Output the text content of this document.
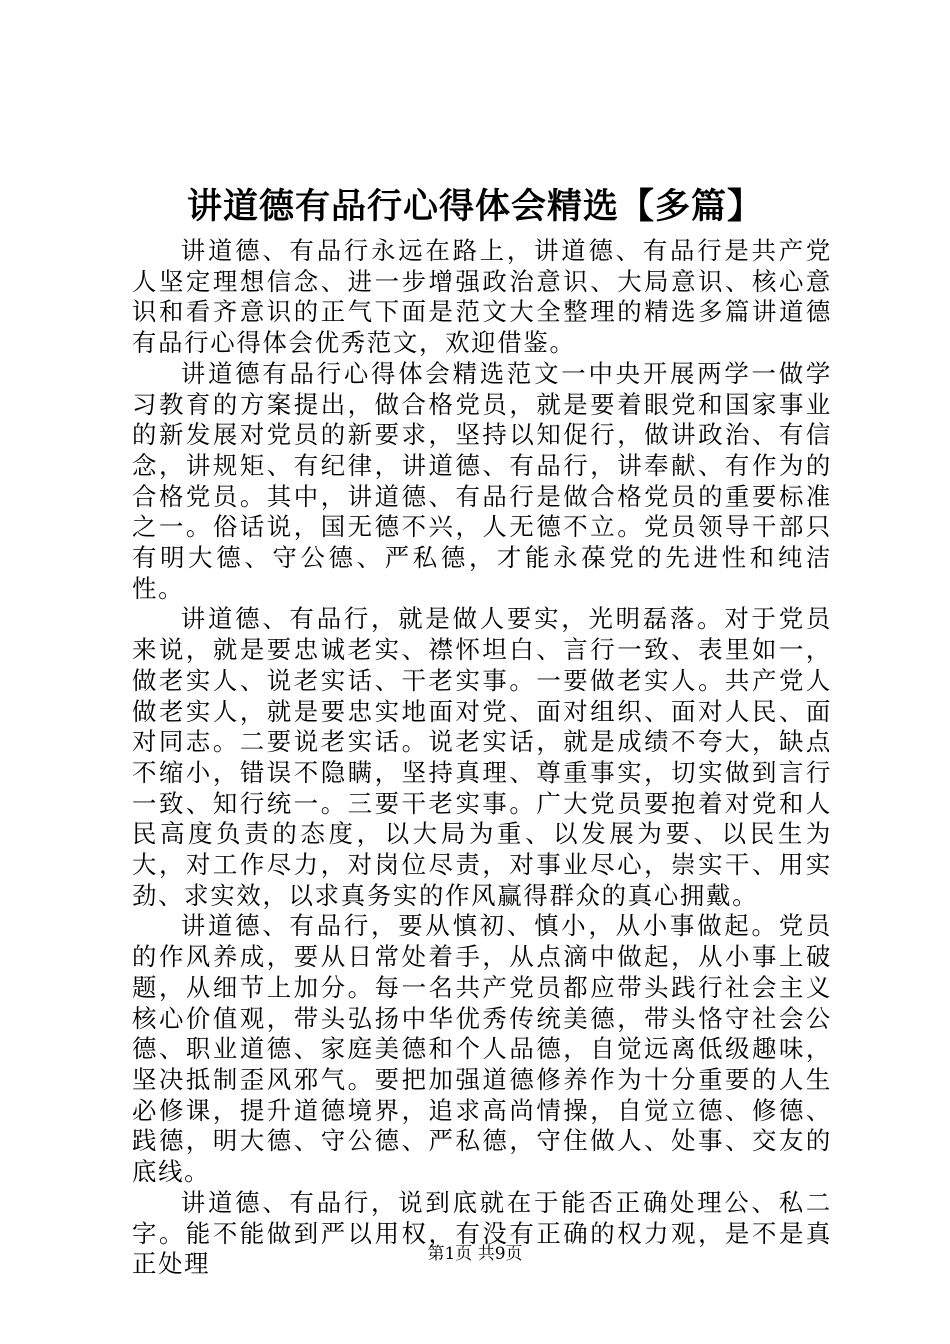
讲道德有品行心得体会精选【多篇】

讲道德、有品行永远在路上，讲道德、有品行是共产党人坚定理想信念、进一步增强政治意识、大局意识、核心意识和看齐意识的正气下面是范文大全整理的精选多篇讲道德有品行心得体会优秀范文，欢迎借鉴。

讲道德有品行心得体会精选范文一中央开展两学一做学习教育的方案提出，做合格党员，就是要着眼党和国家事业的新发展对党员的新要求，坚持以知促行，做讲政治、有信念，讲规矩、有纪律，讲道德、有品行，讲奉献、有作为的合格党员。其中，讲道德、有品行是做合格党员的重要标准之一。俗话说，国无德不兴，人无德不立。党员领导干部只有明大德、守公德、严私德，才能永葆党的先进性和纯洁性。

讲道德、有品行，就是做人要实，光明磊落。对于党员来说，就是要忠诚老实、襟怀坦白、言行一致、表里如一，做老实人、说老实话、干老实事。一要做老实人。共产党人做老实人，就是要忠实地面对党、面对组织、面对人民、面对同志。二要说老实话。说老实话，就是成绩不夸大，缺点不缩小，错误不隐瞒，坚持真理、尊重事实，切实做到言行一致、知行统一。三要干老实事。广大党员要抱着对党和人民高度负责的态度，以大局为重、以发展为要、以民生为大，对工作尽力，对岗位尽责，对事业尽心，崇实干、用实劲、求实效，以求真务实的作风赢得群众的真心拥戴。

讲道德、有品行，要从慎初、慎小，从小事做起。党员的作风养成，要从日常处着手，从点滴中做起，从小事上破题，从细节上加分。每一名共产党员都应带头践行社会主义核心价值观，带头弘扬中华优秀传统美德，带头恪守社会公德、职业道德、家庭美德和个人品德，自觉远离低级趣味，坚决抵制歪风邪气。要把加强道德修养作为十分重要的人生必修课，提升道德境界，追求高尚情操，自觉立德、修德、践德，明大德、守公德、严私德，守住做人、处事、交友的底线。

讲道德、有品行，说到底就在于能否正确处理公、私二字。能不能做到严以用权，有没有正确的权力观，是不是真正处理	第1页 共9页
